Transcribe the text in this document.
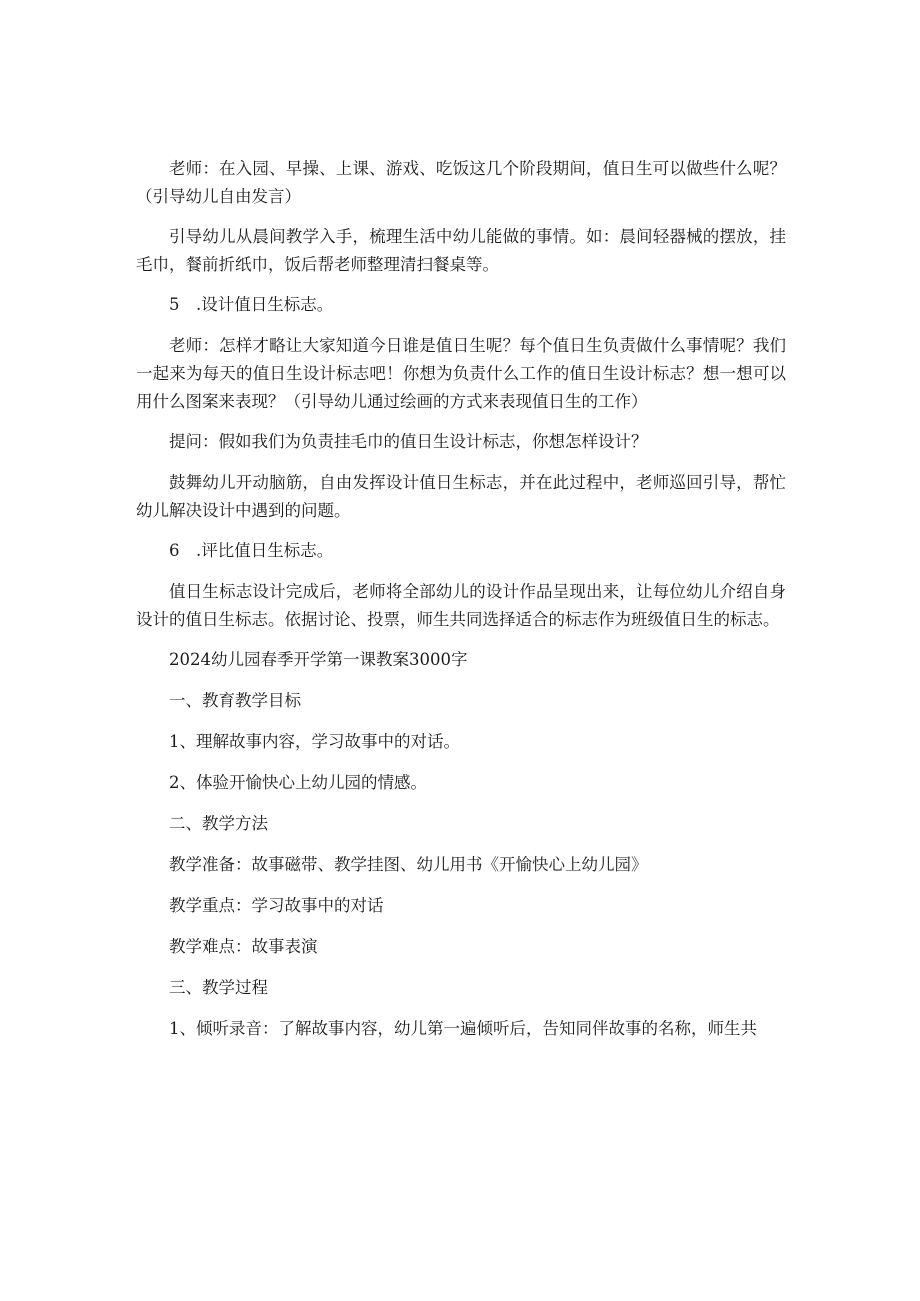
老师：在入园、早操、上课、游戏、吃饭这几个阶段期间，值日生可以做些什么呢？（引导幼儿自由发言）

引导幼儿从晨间教学入手，梳理生活中幼儿能做的事情。如：晨间轻器械的摆放，挂毛巾，餐前折纸巾，饭后帮老师整理清扫餐桌等。

5　.设计值日生标志。

老师：怎样才略让大家知道今日谁是值日生呢？每个值日生负责做什么事情呢？我们一起来为每天的值日生设计标志吧！你想为负责什么工作的值日生设计标志？想一想可以用什么图案来表现？（引导幼儿通过绘画的方式来表现值日生的工作）

提问：假如我们为负责挂毛巾的值日生设计标志，你想怎样设计？

鼓舞幼儿开动脑筋，自由发挥设计值日生标志，并在此过程中，老师巡回引导，帮忙幼儿解决设计中遇到的问题。

6　.评比值日生标志。

值日生标志设计完成后，老师将全部幼儿的设计作品呈现出来，让每位幼儿介绍自身设计的值日生标志。依据讨论、投票，师生共同选择适合的标志作为班级值日生的标志。

2024幼儿园春季开学第一课教案3000字

一、教育教学目标

1、理解故事内容，学习故事中的对话。

2、体验开愉快心上幼儿园的情感。

二、教学方法

教学准备：故事磁带、教学挂图、幼儿用书《开愉快心上幼儿园》

教学重点：学习故事中的对话

教学难点：故事表演

三、教学过程

1、倾听录音：了解故事内容，幼儿第一遍倾听后，告知同伴故事的名称，师生共
